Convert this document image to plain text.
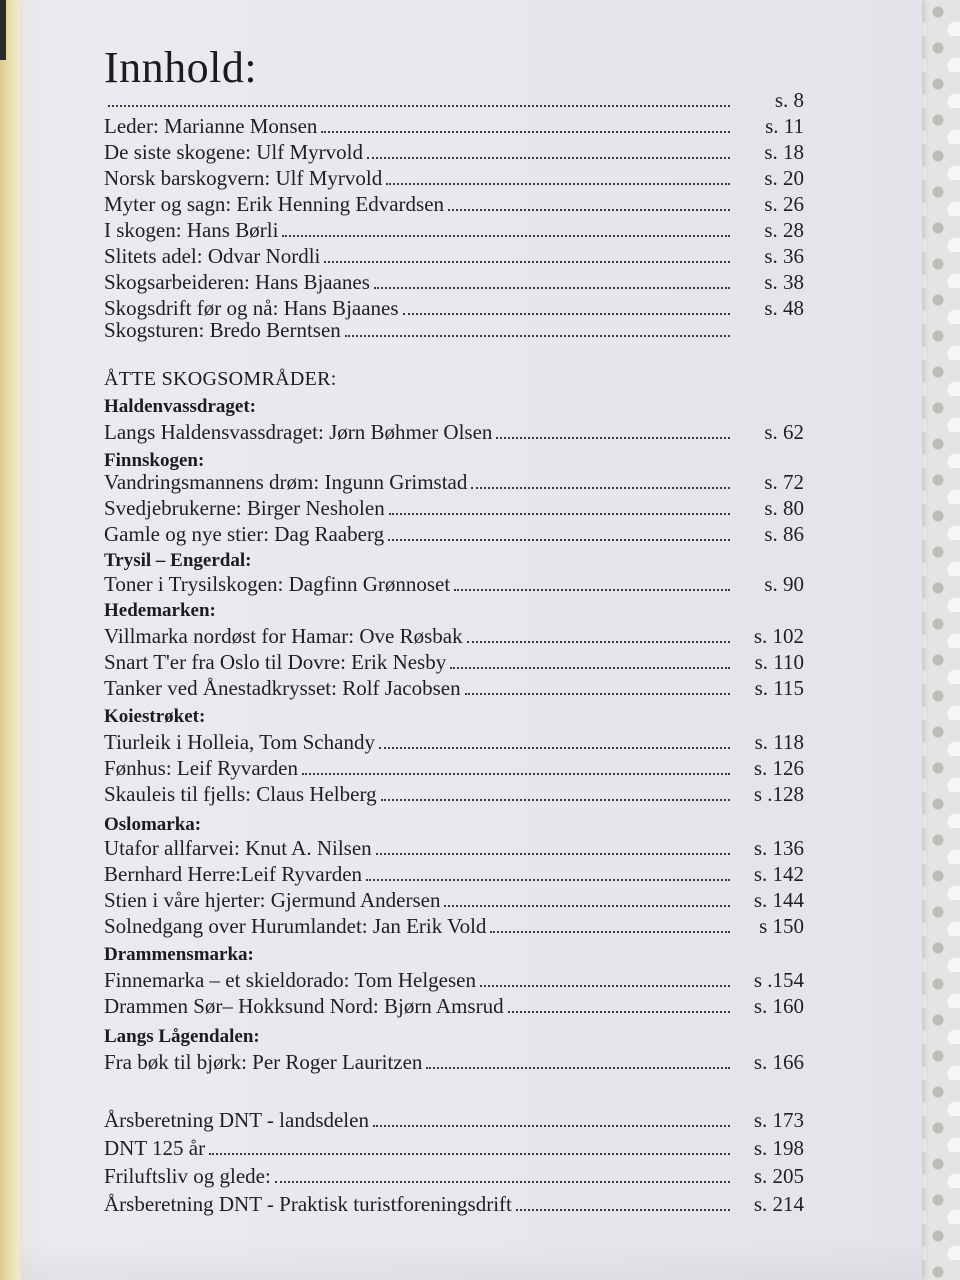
Innhold:
s. 8
Leder: Marianne Monsen	s. 11
De siste skogene: Ulf Myrvold	s. 18
Norsk barskogvern: Ulf Myrvold	s. 20
Myter og sagn: Erik Henning Edvardsen	s. 26
I skogen: Hans Børli	s. 28
Slitets adel: Odvar Nordli	s. 36
Skogsarbeideren: Hans Bjaanes	s. 38
Skogsdrift før og nå: Hans Bjaanes	s. 48
Skogsturen: Bredo Berntsen
ÅTTE SKOGSOMRÅDER:
Haldenvassdraget:
Langs Haldensvassdraget: Jørn Bøhmer Olsen	s. 62
Finnskogen:
Vandringsmannens drøm: Ingunn Grimstad	s. 72
Svedjebrukerne: Birger Nesholen	s. 80
Gamle og nye stier: Dag Raaberg	s. 86
Trysil – Engerdal:
Toner i Trysilskogen: Dagfinn Grønnoset	s. 90
Hedemarken:
Villmarka nordøst for Hamar: Ove Røsbak	s. 102
Snart T'er fra Oslo til Dovre: Erik Nesby	s. 110
Tanker ved Ånestadkrysset: Rolf Jacobsen	s. 115
Koiestrøket:
Tiurleik i Holleia, Tom Schandy	s. 118
Fønhus: Leif Ryvarden	s. 126
Skauleis til fjells: Claus Helberg	s .128
Oslomarka:
Utafor allfarvei: Knut A. Nilsen	s. 136
Bernhard Herre:Leif Ryvarden	s. 142
Stien i våre hjerter: Gjermund Andersen	s. 144
Solnedgang over Hurumlandet: Jan Erik Vold	s 150
Drammensmarka:
Finnemarka – et skieldorado: Tom Helgesen	s .154
Drammen Sør– Hokksund Nord: Bjørn Amsrud	s. 160
Langs Lågendalen:
Fra bøk til bjørk: Per Roger Lauritzen	s. 166
Årsberetning DNT - landsdelen	s. 173
DNT 125 år	s. 198
Friluftsliv og glede:	s. 205
Årsberetning DNT - Praktisk turistforeningsdrift	s. 214
